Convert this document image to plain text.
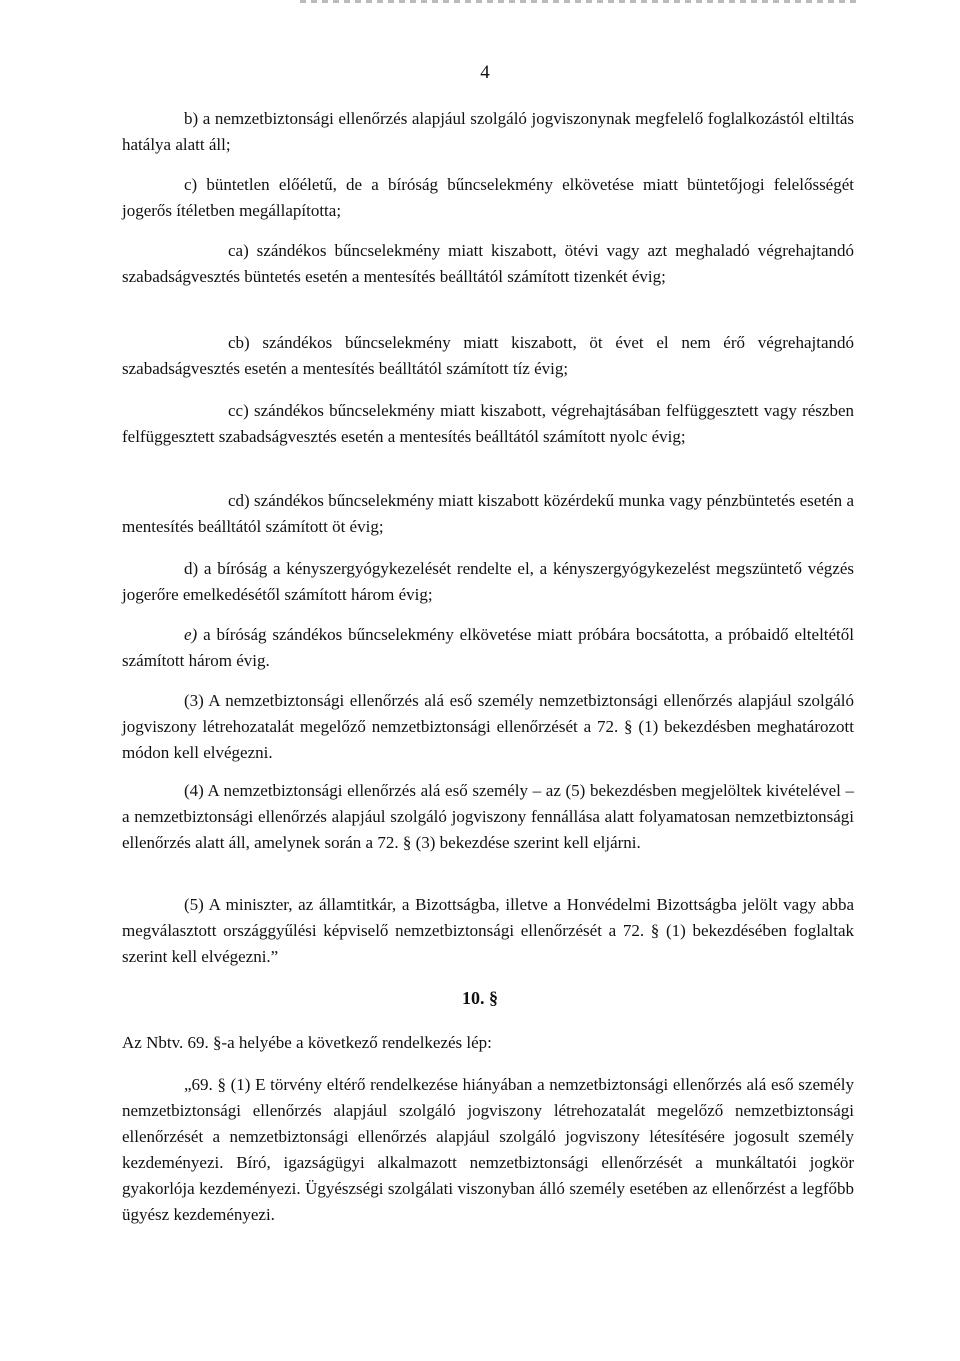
4

b) a nemzetbiztonsági ellenőrzés alapjául szolgáló jogviszonynak megfelelő foglalkozástól eltiltás hatálya alatt áll;

c) büntetlen előéletű, de a bíróság bűncselekmény elkövetése miatt büntetőjogi felelősségét jogerős ítéletben megállapította;

ca) szándékos bűncselekmény miatt kiszabott, ötévi vagy azt meghaladó végrehajtandó szabadságvesztés büntetés esetén a mentesítés beálltától számított tizenkét évig;

cb) szándékos bűncselekmény miatt kiszabott, öt évet el nem érő végrehajtandó szabadságvesztés esetén a mentesítés beálltától számított tíz évig;

cc) szándékos bűncselekmény miatt kiszabott, végrehajtásában felfüggesztett vagy részben felfüggesztett szabadságvesztés esetén a mentesítés beálltától számított nyolc évig;

cd) szándékos bűncselekmény miatt kiszabott közérdekű munka vagy pénzbüntetés esetén a mentesítés beálltától számított öt évig;

d) a bíróság a kényszergyógykezelését rendelte el, a kényszergyógykezelést megszüntető végzés jogerőre emelkedésétől számított három évig;

e) a bíróság szándékos bűncselekmény elkövetése miatt próbára bocsátotta, a próbaidő elteltétől számított három évig.

(3) A nemzetbiztonsági ellenőrzés alá eső személy nemzetbiztonsági ellenőrzés alapjául szolgáló jogviszony létrehozatalát megelőző nemzetbiztonsági ellenőrzését a 72. § (1) bekezdésben meghatározott módon kell elvégezni.

(4) A nemzetbiztonsági ellenőrzés alá eső személy – az (5) bekezdésben megjelöltek kivételével – a nemzetbiztonsági ellenőrzés alapjául szolgáló jogviszony fennállása alatt folyamatosan nemzetbiztonsági ellenőrzés alatt áll, amelynek során a 72. § (3) bekezdése szerint kell eljárni.

(5) A miniszter, az államtitkár, a Bizottságba, illetve a Honvédelmi Bizottságba jelölt vagy abba megválasztott országgyűlési képviselő nemzetbiztonsági ellenőrzését a 72. § (1) bekezdésében foglaltak szerint kell elvégezni.”

10. §

Az Nbtv. 69. §-a helyébe a következő rendelkezés lép:

„69. § (1) E törvény eltérő rendelkezése hiányában a nemzetbiztonsági ellenőrzés alá eső személy nemzetbiztonsági ellenőrzés alapjául szolgáló jogviszony létrehozatalát megelőző nemzetbiztonsági ellenőrzését a nemzetbiztonsági ellenőrzés alapjául szolgáló jogviszony létesítésére jogosult személy kezdeményezi. Bíró, igazságügyi alkalmazott nemzetbiztonsági ellenőrzését a munkáltatói jogkör gyakorlója kezdeményezi. Ügyészségi szolgálati viszonyban álló személy esetében az ellenőrzést a legfőbb ügyész kezdeményezi.
